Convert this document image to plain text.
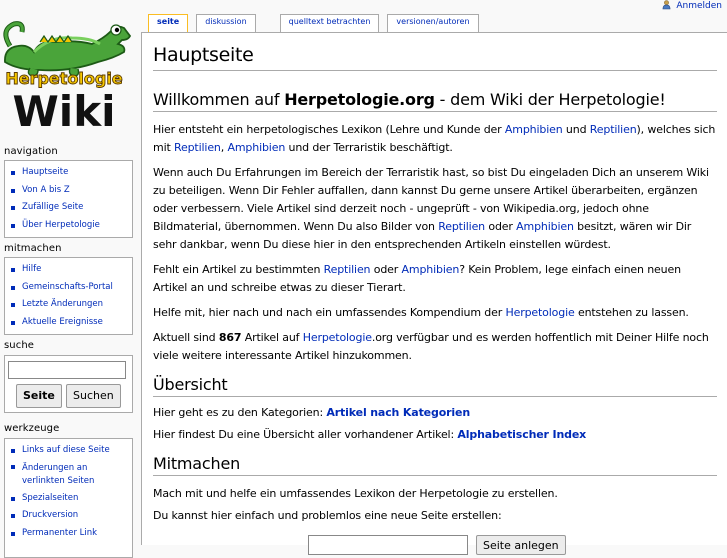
Anmelden
Herpetologie
Wiki
seite	diskussion	quelltext betrachten	versionen/autoren
navigation
Hauptseite
Von A bis Z
Zufällige Seite
Über Herpetologie
mitmachen
Hilfe
Gemeinschafts-Portal
Letzte Änderungen
Aktuelle Ereignisse
suche
Seite	Suchen
werkzeuge
Links auf diese Seite
Änderungen an verlinkten Seiten
Spezialseiten
Druckversion
Permanenter Link
Hauptseite
Willkommen auf Herpetologie.org - dem Wiki der Herpetologie!

Hier entsteht ein herpetologisches Lexikon (Lehre und Kunde der Amphibien und Reptilien), welches sich mit Reptilien, Amphibien und der Terraristik beschäftigt.

Wenn auch Du Erfahrungen im Bereich der Terraristik hast, so bist Du eingeladen Dich an unserem Wiki zu beteiligen. Wenn Dir Fehler auffallen, dann kannst Du gerne unsere Artikel überarbeiten, ergänzen oder verbessern. Viele Artikel sind derzeit noch - ungeprüft - von Wikipedia.org, jedoch ohne Bildmaterial, übernommen. Wenn Du also Bilder von Reptilien oder Amphibien besitzt, wären wir Dir sehr dankbar, wenn Du diese hier in den entsprechenden Artikeln einstellen würdest.

Fehlt ein Artikel zu bestimmten Reptilien oder Amphibien? Kein Problem, lege einfach einen neuen Artikel an und schreibe etwas zu dieser Tierart.

Helfe mit, hier nach und nach ein umfassendes Kompendium der Herpetologie entstehen zu lassen.

Aktuell sind 867 Artikel auf Herpetologie.org verfügbar und es werden hoffentlich mit Deiner Hilfe noch viele weitere interessante Artikel hinzukommen.

Übersicht

Hier geht es zu den Kategorien: Artikel nach Kategorien

Hier findest Du eine Übersicht aller vorhandener Artikel: Alphabetischer Index

Mitmachen

Mach mit und helfe ein umfassendes Lexikon der Herpetologie zu erstellen.

Du kannst hier einfach und problemlos eine neue Seite erstellen:

Seite anlegen
